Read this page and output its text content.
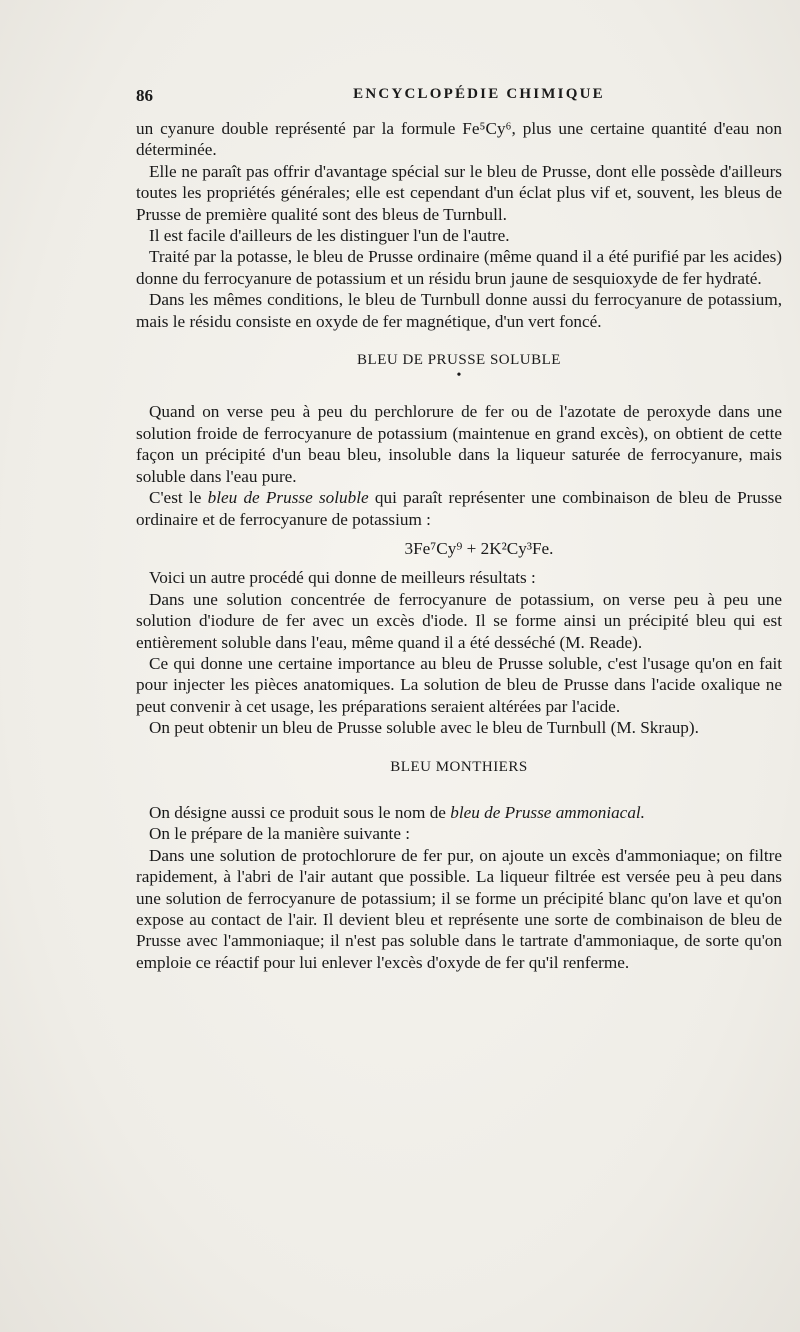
86	ENCYCLOPÉDIE CHIMIQUE

un cyanure double représenté par la formule Fe⁵Cy⁶, plus une certaine quantité d'eau non déterminée.

Elle ne paraît pas offrir d'avantage spécial sur le bleu de Prusse, dont elle possède d'ailleurs toutes les propriétés générales; elle est cependant d'un éclat plus vif et, souvent, les bleus de Prusse de première qualité sont des bleus de Turnbull.

Il est facile d'ailleurs de les distinguer l'un de l'autre.

Traité par la potasse, le bleu de Prusse ordinaire (même quand il a été purifié par les acides) donne du ferrocyanure de potassium et un résidu brun jaune de sesquioxyde de fer hydraté.

Dans les mêmes conditions, le bleu de Turnbull donne aussi du ferrocyanure de potassium, mais le résidu consiste en oxyde de fer magnétique, d'un vert foncé.

BLEU DE PRUSSE SOLUBLE

•

Quand on verse peu à peu du perchlorure de fer ou de l'azotate de peroxyde dans une solution froide de ferrocyanure de potassium (maintenue en grand excès), on obtient de cette façon un précipité d'un beau bleu, insoluble dans la liqueur saturée de ferrocyanure, mais soluble dans l'eau pure.

C'est le bleu de Prusse soluble qui paraît représenter une combinaison de bleu de Prusse ordinaire et de ferrocyanure de potassium :

3Fe⁷Cy⁹ + 2K²Cy³Fe.

Voici un autre procédé qui donne de meilleurs résultats :

Dans une solution concentrée de ferrocyanure de potassium, on verse peu à peu une solution d'iodure de fer avec un excès d'iode. Il se forme ainsi un précipité bleu qui est entièrement soluble dans l'eau, même quand il a été desséché (M. Reade).

Ce qui donne une certaine importance au bleu de Prusse soluble, c'est l'usage qu'on en fait pour injecter les pièces anatomiques. La solution de bleu de Prusse dans l'acide oxalique ne peut convenir à cet usage, les préparations seraient altérées par l'acide.

On peut obtenir un bleu de Prusse soluble avec le bleu de Turnbull (M. Skraup).

BLEU MONTHIERS

On désigne aussi ce produit sous le nom de bleu de Prusse ammoniacal.

On le prépare de la manière suivante :

Dans une solution de protochlorure de fer pur, on ajoute un excès d'ammoniaque; on filtre rapidement, à l'abri de l'air autant que possible. La liqueur filtrée est versée peu à peu dans une solution de ferrocyanure de potassium; il se forme un précipité blanc qu'on lave et qu'on expose au contact de l'air. Il devient bleu et représente une sorte de combinaison de bleu de Prusse avec l'ammoniaque; il n'est pas soluble dans le tartrate d'ammoniaque, de sorte qu'on emploie ce réactif pour lui enlever l'excès d'oxyde de fer qu'il renferme.
